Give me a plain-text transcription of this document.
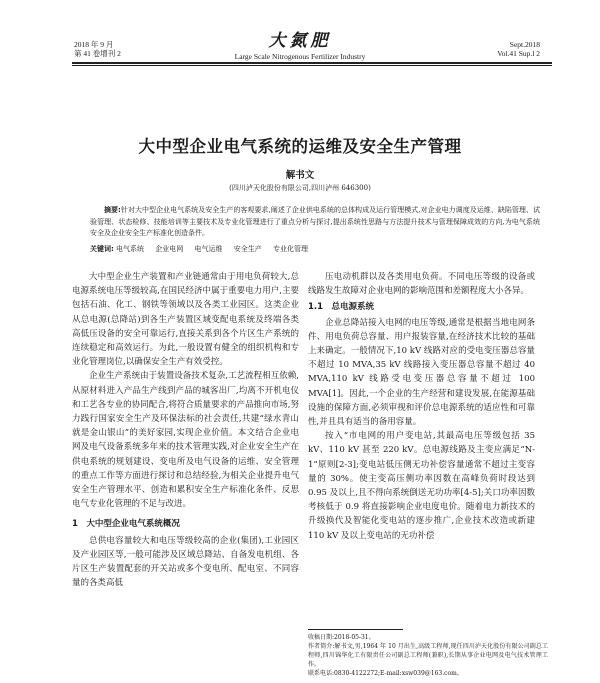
2018 年 9 月
第 41 卷增刊 2
大氮肥
Large Scale Nitrogenous Fertilizer Industry
Sept.2018
Vol.41 Sup.l 2
大中型企业电气系统的运维及安全生产管理
解书文
(四川泸天化股份有限公司,四川泸州 646300)
摘要:针对大中型企业电气系统及安全生产的客观要求,阐述了企业供电系统的总体构成及运行管理模式,对企业电力调度及运维、缺陷管理、试验管理、状态检修、技能培训等主要技术及专业化管理进行了重点分析与探讨,提出系统性思路与方法提升技术与管理保障成效的方向,为电气系统安全及企业安全生产标准化创造条件。
关键词: 电气系统 企业电网 电气运维 安全生产 专业化管理

大中型企业生产装置和产业链通常由于用电负荷较大,总电源系统电压等级较高,在国民经济中属于重要电力用户,主要包括石油、化工、钢铁等领域以及各类工业园区。这类企业从总电源(总降站)到各生产装置区域变配电系统及终端各类高低压设备的安全可靠运行,直接关系到各个片区生产系统的连续稳定和高效运行。为此,一般设置有健全的组织机构和专业化管理岗位,以确保安全生产有效受控。

企业生产系统由于装置设备技术复杂,工艺流程相互依赖,从原材料进入产品生产线到产品的城客出厂,均离不开机电仪和工艺各专业的协同配合,将符合质量要求的产品推向市场,努力践行国家安全生产及环保法标的社会责任,共建“绿水青山就是金山银山”的美好家园,实现企业价值。本文结合企业电网及电气设备系统多年来的技术管理实践,对企业安全生产在供电系统的规划建设、变电所及电气设备的运维、安全管理的重点工作等方面进行探讨和总结经验,为相关企业提升电气安全生产管理水平、创造和累积安全生产标准化条件、反思电气专业化管理的不足与改进。

1　大中型企业电气系统概况

总供电容量较大和电压等级较高的企业(集团),工业园区及产业园区等,一般可能涉及区域总降站、自备发电机组、各片区生产装置配套的开关站或多个变电所、配电室、不同容量的各类高低

压电动机群以及各类用电负荷。不同电压等级的设备或线路发生故障对企业电网的影响范围和差额程度大小各异。

1.1　总电源系统

企业总降站接入电网的电压等级,通常是根据当地电网条件、用电负荷总容量、用户报装容量,在经济技术比较的基础上来确定。一般情况下,10 kV 线路对应的受电变压器总容量不超过 10 MVA,35 kV 线路接入变压器总容量不超过 40 MVA,110 kV 线路受电变压器总容量不超过 100 MVA[1]。因此,一个企业的生产经营和建设发展,在能源基础设施的保障方面,必须审视和评价总电源系统的适应性和可靠性,并且具有适当的备用容量。

按入“市电网的用户变电站,其最高电压等级包括 35 kV、110 kV 甚至 220 kV。总电源线路及主变应满足“N-1”原则[2-3];变电站低压侧无功补偿容量通常不超过主变容量的 30%。使主变高压侧功率因数在高峰负荷时段达到 0.95 及以上,且不得向系统倒送无功功率[4-5];关口功率因数考核低于 0.9 将直接影响企业电度电价。随着电力新技术的升级换代及智能化变电站的逐步推广,企业技术改造或新建 110 kV 及以上变电站的无功补偿

收稿日期:2018-05-31。
作者简介:解书文,男,1964 年 10 月出生,高级工程师,现任四川泸天化股份有限公司副总工程师,四川锦华化工有限责任公司副总工程师(兼职),长期从事企业电网及电气技术管理工作。
联系电话:0830-4122272;E-mail:xsw039@163.com。
